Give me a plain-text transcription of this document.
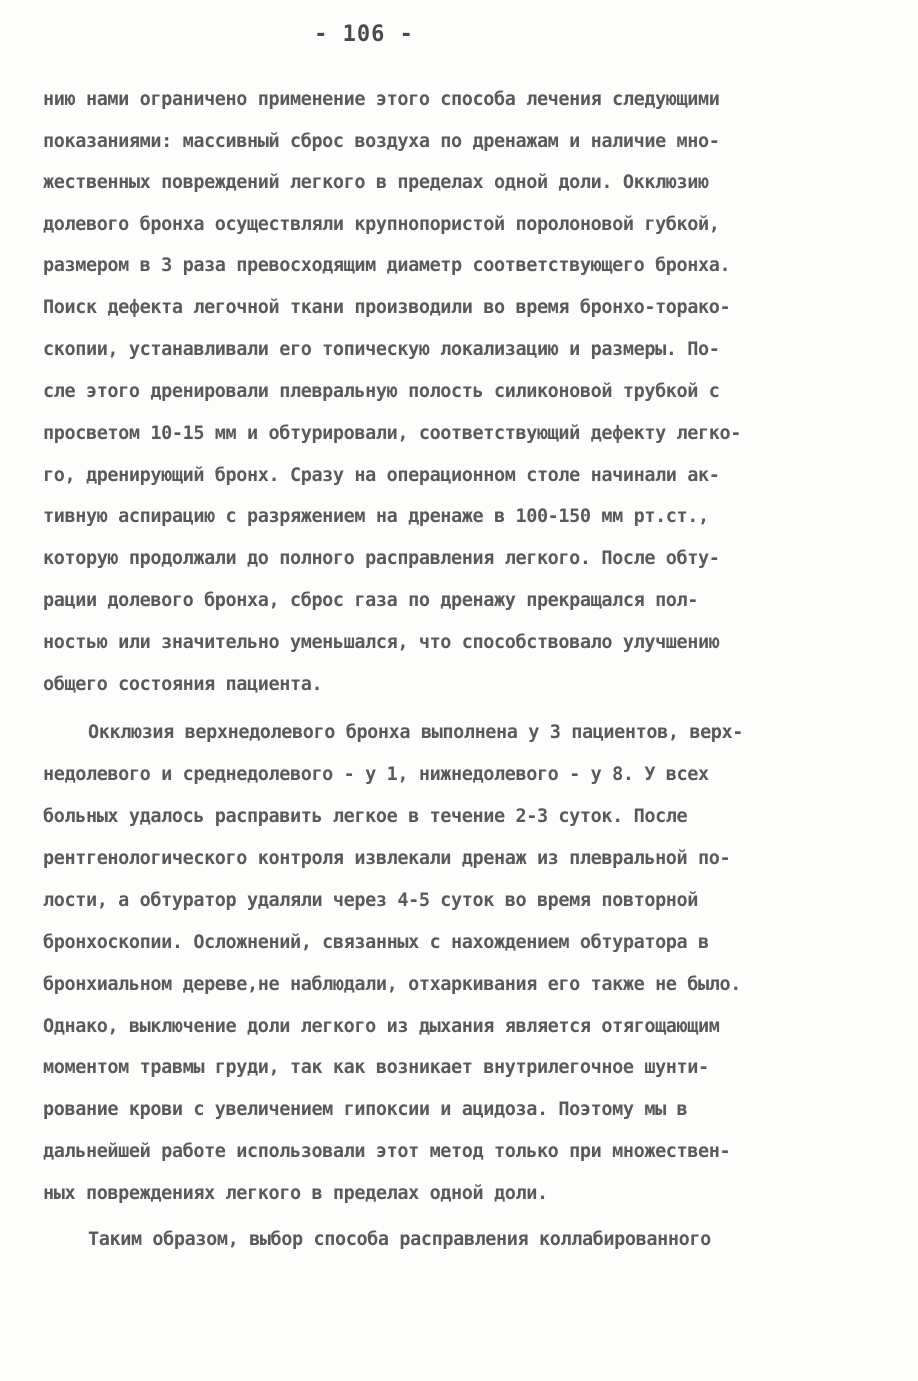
- 106 -
нию нами ограничено применение этого способа лечения следующими
показаниями: массивный сброс воздуха по дренажам и наличие мно-
жественных повреждений легкого в пределах одной доли. Окклюзию
долевого бронха осуществляли крупнопористой поролоновой губкой,
размером в 3 раза превосходящим диаметр соответствующего бронха.
Поиск дефекта легочной ткани производили во время бронхо-торако-
скопии, устанавливали его топическую локализацию и размеры. По-
сле этого дренировали плевральную полость силиконовой трубкой с
просветом 10-15 мм и обтурировали, соответствующий дефекту легко-
го, дренирующий бронх. Сразу на операционном столе начинали ак-
тивную аспирацию с разряжением на дренаже в 100-150 мм рт.ст.,
которую продолжали до полного расправления легкого. После обту-
рации долевого бронха, сброс газа по дренажу прекращался пол-
ностью или значительно уменьшался, что способствовало улучшению
общего состояния пациента.
Окклюзия верхнедолевого бронха выполнена у 3 пациентов, верх-
недолевого и среднедолевого - у 1, нижнедолевого - у 8. У всех
больных удалось расправить легкое в течение 2-3 суток. После
рентгенологического контроля извлекали дренаж из плевральной по-
лости, а обтуратор удаляли через 4-5 суток во время повторной
бронхоскопии. Осложнений, связанных с нахождением обтуратора в
бронхиальном дереве,не наблюдали, отхаркивания его также не было.
Однако, выключение доли легкого из дыхания является отягощающим
моментом травмы груди, так как возникает внутрилегочное шунти-
рование крови с увеличением гипоксии и ацидоза. Поэтому мы в
дальнейшей работе использовали этот метод только при множествен-
ных повреждениях легкого в пределах одной доли.
Таким образом, выбор способа расправления коллабированного
